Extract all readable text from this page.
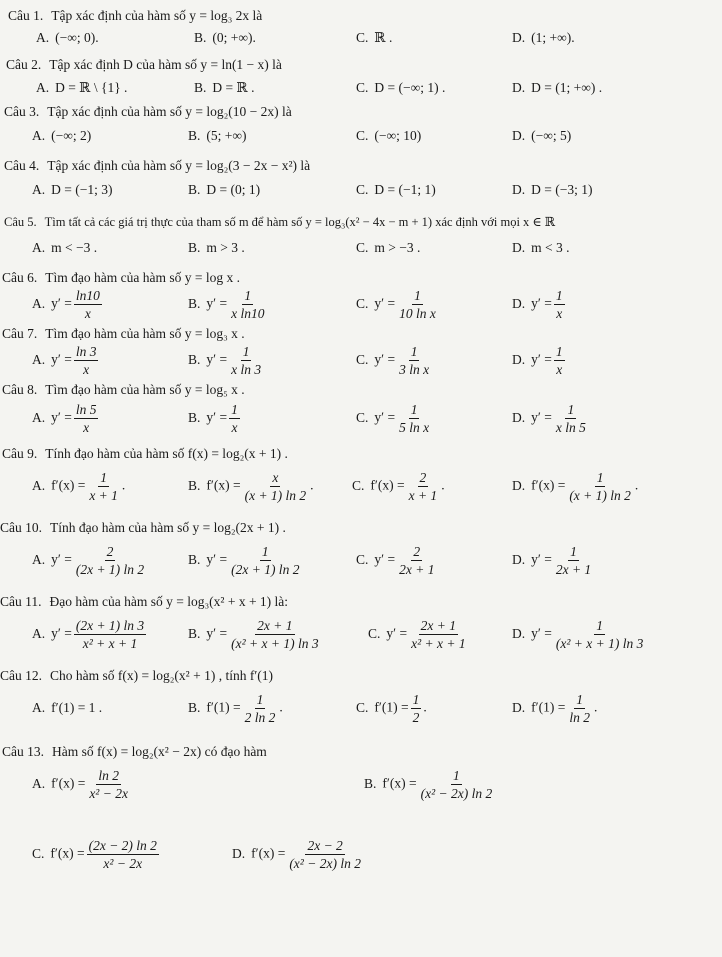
Câu 1. Tập xác định của hàm số y = log₃ 2x là
A. (−∞; 0).	B. (0; +∞).	C. ℝ .	D. (1; +∞).
Câu 2. Tập xác định D của hàm số y = ln(1 − x) là
A. D = ℝ \ {1} .	B. D = ℝ .	C. D = (−∞; 1) .	D. D = (1; +∞) .
Câu 3. Tập xác định của hàm số y = log₂(10 − 2x) là
A. (−∞; 2)	B. (5; +∞)	C. (−∞; 10)	D. (−∞; 5)
Câu 4. Tập xác định của hàm số y = log₂(3 − 2x − x²) là
A. D = (−1; 3)	B. D = (0; 1)	C. D = (−1; 1)	D. D = (−3; 1)
Câu 5. Tìm tất cả các giá trị thực của tham số m để hàm số y = log₃(x² − 4x − m + 1) xác định với mọi x ∈ ℝ
A. m < −3 .	B. m > 3 .	C. m > −3 .	D. m < 3 .
Câu 6. Tìm đạo hàm của hàm số y = log x .
A. $y' = \frac{\ln 10}{x}$	B. $y' = \frac{1}{\text{x ln10}}$	C. $y' = \frac{1}{\text{10 ln x}}$	D. $y' = \frac{1}{x}$
Câu 7. Tìm đạo hàm của hàm số y = log₃ x .
A. $y' = \frac{\ln 3}{x}$	B. $y' = \frac{1}{\text{x ln 3}}$	C. $y' = \frac{1}{\text{3 ln x}}$	D. $y' = \frac{1}{x}$
Câu 8. Tìm đạo hàm của hàm số y = log₅ x .
A. $y' = \frac{\ln 5}{x}$	B. $y' = \frac{1}{x}$	C. $y' = \frac{1}{\text{5 ln x}}$	D. $y' = \frac{1}{\text{x ln 5}}$
Câu 9. Tính đạo hàm của hàm số f(x) = log₂(x + 1) .
A. $f'(x) = \frac{1}{x + 1}$ .	B. $f'(x) = \frac{x}{(x + 1) \ln 2}$ .	C. $f'(x) = \frac{2}{x + 1}$ .	D. $f'(x) = \frac{1}{(x + 1) \ln 2}$ .
Câu 10. Tính đạo hàm của hàm số y = log₂(2x + 1) .
A. $y' = \frac{2}{(2x + 1) \ln 2}$	B. $y' = \frac{1}{(2x + 1) \ln 2}$	C. $y' = \frac{2}{2x + 1}$	D. $y' = \frac{1}{2x + 1}$
Câu 11. Đạo hàm của hàm số y = log₃(x² + x + 1) là:
A. $y' = \frac{(2x + 1) \ln 3}{\text{x² + x + 1}}$	B. $y' = \frac{2x + 1}{\text{(x² + x + 1) ln 3}}$	C. $y' = \frac{2x + 1}{\text{x² + x + 1}}$	D. $y' = \frac{1}{\text{(x² + x + 1) ln 3}}$
Câu 12. Cho hàm số f(x) = log₂(x² + 1) , tính f′(1)
A. f′(1) = 1 .	B. $f'(1) = \frac{1}{2 \ln 2}$ .	C. $f'(1) = \frac{1}{2}$ .	D. $f'(1) = \frac{1}{\ln 2}$ .
Câu 13. Hàm số f(x) = log₂(x² − 2x) có đạo hàm
A. $f'(x) = \frac{\ln 2}{\text{x² − 2x}}$	B. $f'(x) = \frac{1}{\text{(x² − 2x) ln 2}}$
C. $f'(x) = \frac{(2x - 2) \ln 2}{\text{x² − 2x}}$	D. $f'(x) = \frac{2x - 2}{\text{(x² − 2x) ln 2}}$
